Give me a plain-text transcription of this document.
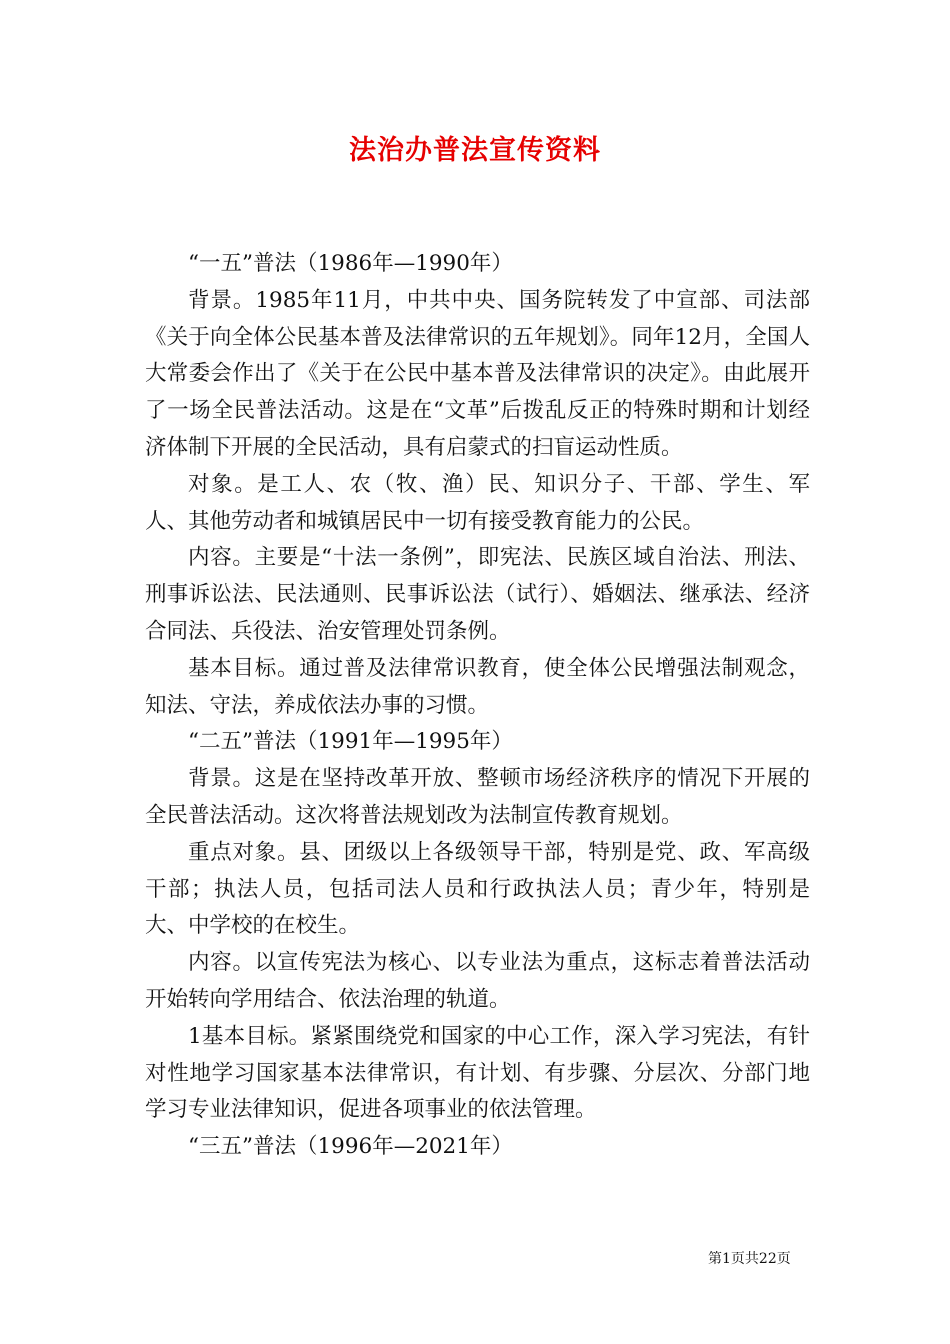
法治办普法宣传资料

“一五”普法（1986年—1990年）

背景。1985年11月，中共中央、国务院转发了中宣部、司法部《关于向全体公民基本普及法律常识的五年规划》。同年12月，全国人大常委会作出了《关于在公民中基本普及法律常识的决定》。由此展开了一场全民普法活动。这是在“文革”后拨乱反正的特殊时期和计划经济体制下开展的全民活动，具有启蒙式的扫盲运动性质。

对象。是工人、农（牧、渔）民、知识分子、干部、学生、军人、其他劳动者和城镇居民中一切有接受教育能力的公民。

内容。主要是“十法一条例”，即宪法、民族区域自治法、刑法、刑事诉讼法、民法通则、民事诉讼法（试行）、婚姻法、继承法、经济合同法、兵役法、治安管理处罚条例。

基本目标。通过普及法律常识教育，使全体公民增强法制观念，知法、守法，养成依法办事的习惯。

“二五”普法（1991年—1995年）

背景。这是在坚持改革开放、整顿市场经济秩序的情况下开展的全民普法活动。这次将普法规划改为法制宣传教育规划。

重点对象。县、团级以上各级领导干部，特别是党、政、军高级干部；执法人员，包括司法人员和行政执法人员；青少年，特别是大、中学校的在校生。

内容。以宣传宪法为核心、以专业法为重点，这标志着普法活动开始转向学用结合、依法治理的轨道。

1基本目标。紧紧围绕党和国家的中心工作，深入学习宪法，有针对性地学习国家基本法律常识，有计划、有步骤、分层次、分部门地学习专业法律知识，促进各项事业的依法管理。

“三五”普法（1996年—2021年）

第1页共22页
